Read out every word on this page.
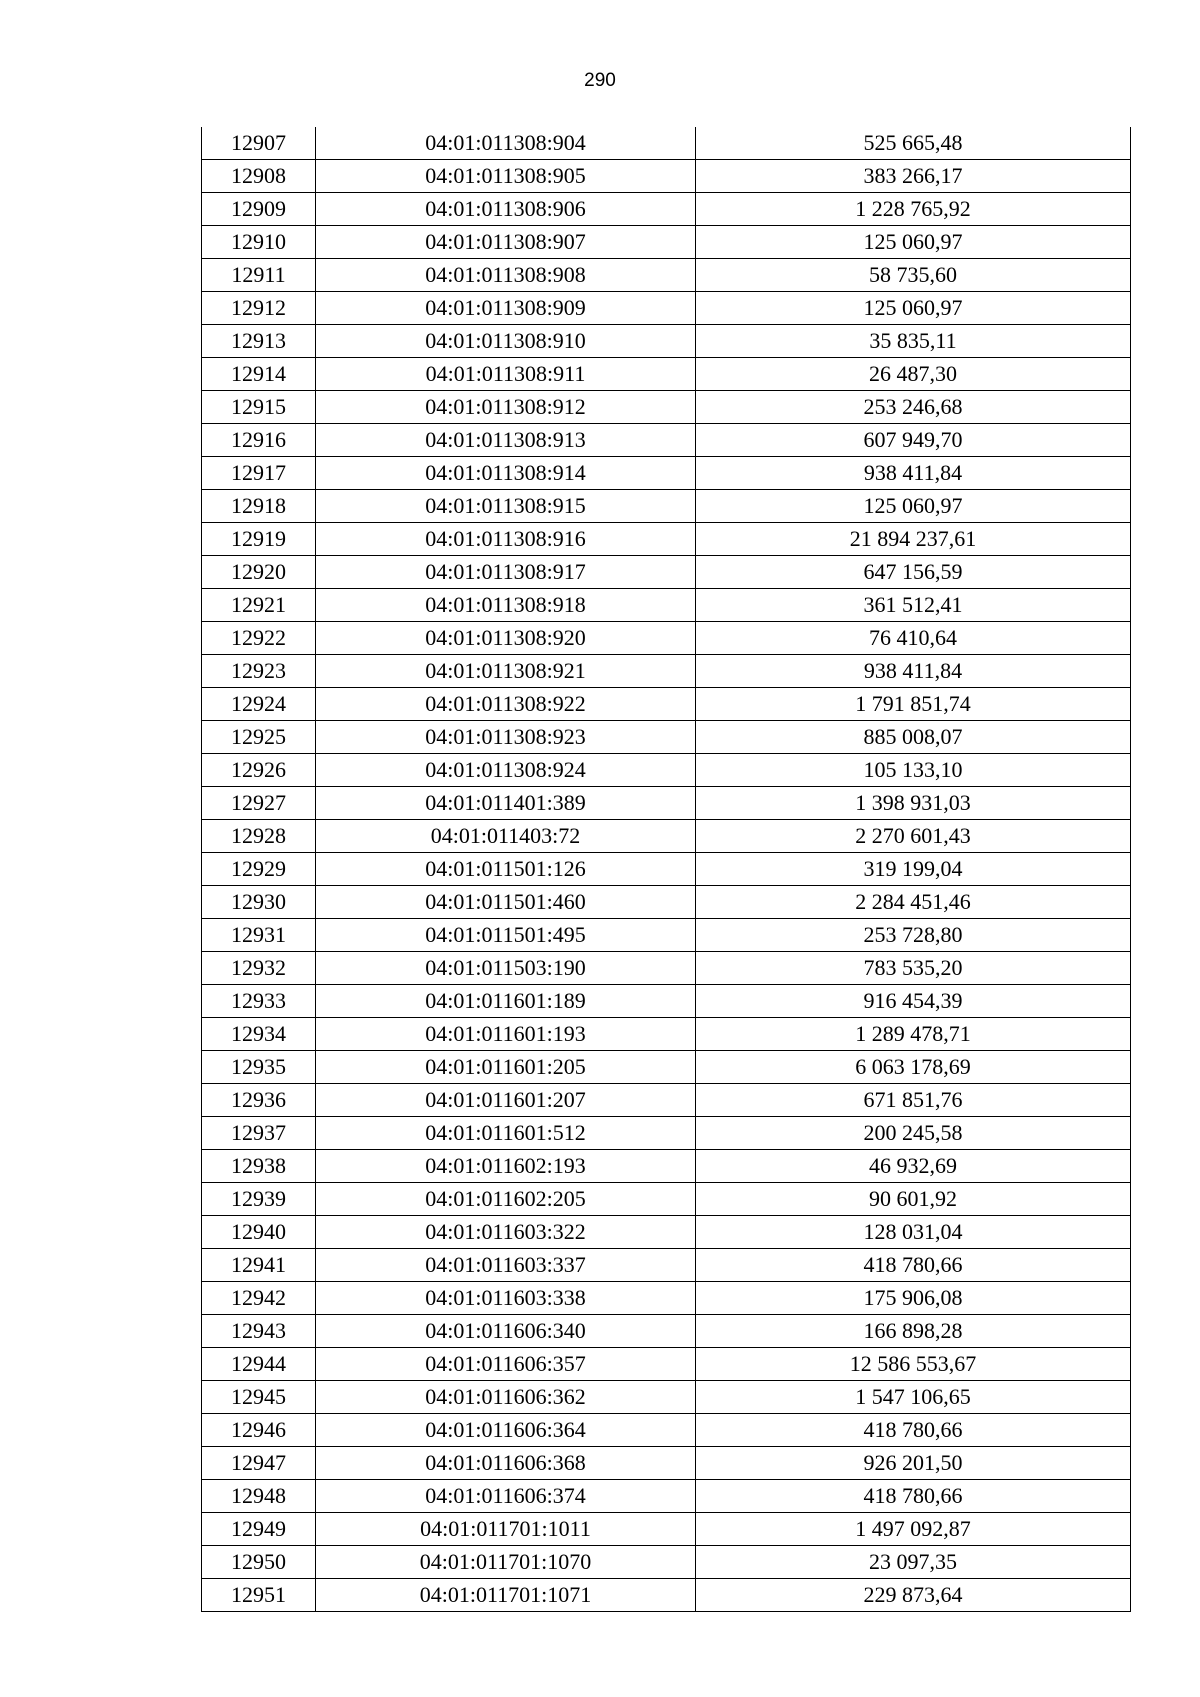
290
12907	04:01:011308:904	525 665,48
12908	04:01:011308:905	383 266,17
12909	04:01:011308:906	1 228 765,92
12910	04:01:011308:907	125 060,97
12911	04:01:011308:908	58 735,60
12912	04:01:011308:909	125 060,97
12913	04:01:011308:910	35 835,11
12914	04:01:011308:911	26 487,30
12915	04:01:011308:912	253 246,68
12916	04:01:011308:913	607 949,70
12917	04:01:011308:914	938 411,84
12918	04:01:011308:915	125 060,97
12919	04:01:011308:916	21 894 237,61
12920	04:01:011308:917	647 156,59
12921	04:01:011308:918	361 512,41
12922	04:01:011308:920	76 410,64
12923	04:01:011308:921	938 411,84
12924	04:01:011308:922	1 791 851,74
12925	04:01:011308:923	885 008,07
12926	04:01:011308:924	105 133,10
12927	04:01:011401:389	1 398 931,03
12928	04:01:011403:72	2 270 601,43
12929	04:01:011501:126	319 199,04
12930	04:01:011501:460	2 284 451,46
12931	04:01:011501:495	253 728,80
12932	04:01:011503:190	783 535,20
12933	04:01:011601:189	916 454,39
12934	04:01:011601:193	1 289 478,71
12935	04:01:011601:205	6 063 178,69
12936	04:01:011601:207	671 851,76
12937	04:01:011601:512	200 245,58
12938	04:01:011602:193	46 932,69
12939	04:01:011602:205	90 601,92
12940	04:01:011603:322	128 031,04
12941	04:01:011603:337	418 780,66
12942	04:01:011603:338	175 906,08
12943	04:01:011606:340	166 898,28
12944	04:01:011606:357	12 586 553,67
12945	04:01:011606:362	1 547 106,65
12946	04:01:011606:364	418 780,66
12947	04:01:011606:368	926 201,50
12948	04:01:011606:374	418 780,66
12949	04:01:011701:1011	1 497 092,87
12950	04:01:011701:1070	23 097,35
12951	04:01:011701:1071	229 873,64
